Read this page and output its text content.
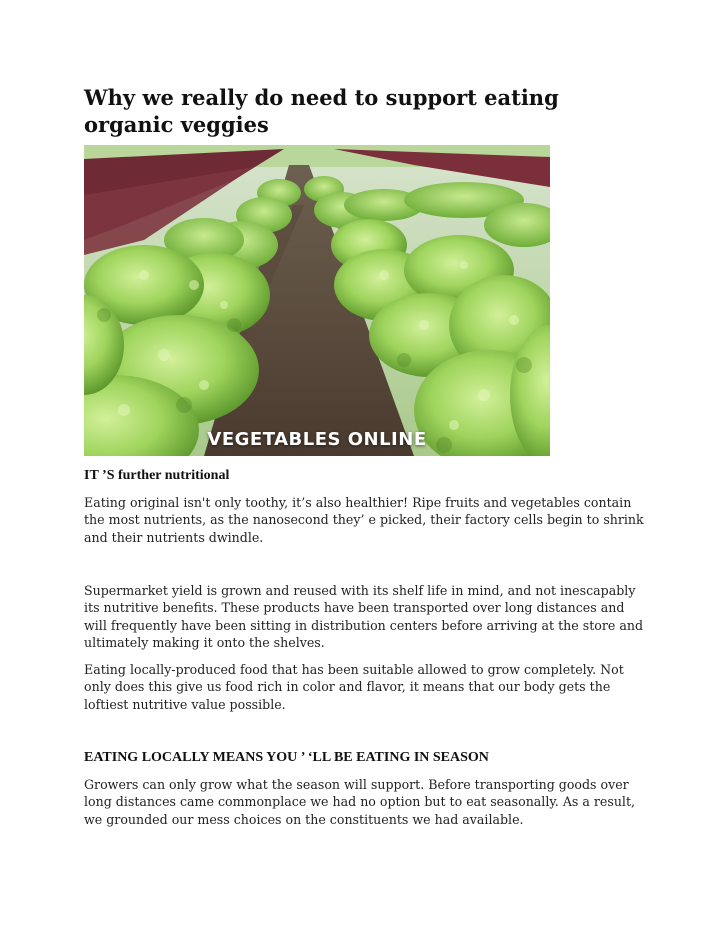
Why we really do need to support eating organic veggies
VEGETABLES ONLINE
IT ’S further nutritional

Eating original isn't only toothy, it’s also healthier! Ripe fruits and vegetables contain the most nutrients, as the nanosecond they’ e picked, their factory cells begin to shrink and their nutrients dwindle.

Supermarket yield is grown and reused with its shelf life in mind, and not inescapably its nutritive benefits. These products have been transported over long distances and will frequently have been sitting in distribution centers before arriving at the store and ultimately making it onto the shelves.

Eating locally-produced food that has been suitable allowed to grow completely. Not only does this give us food rich in color and flavor, it means that our body gets the loftiest nutritive value possible.

EATING LOCALLY MEANS YOU ’ ‘LL BE EATING IN SEASON

Growers can only grow what the season will support. Before transporting goods over long distances came commonplace we had no option but to eat seasonally. As a result, we grounded our mess choices on the constituents we had available.
